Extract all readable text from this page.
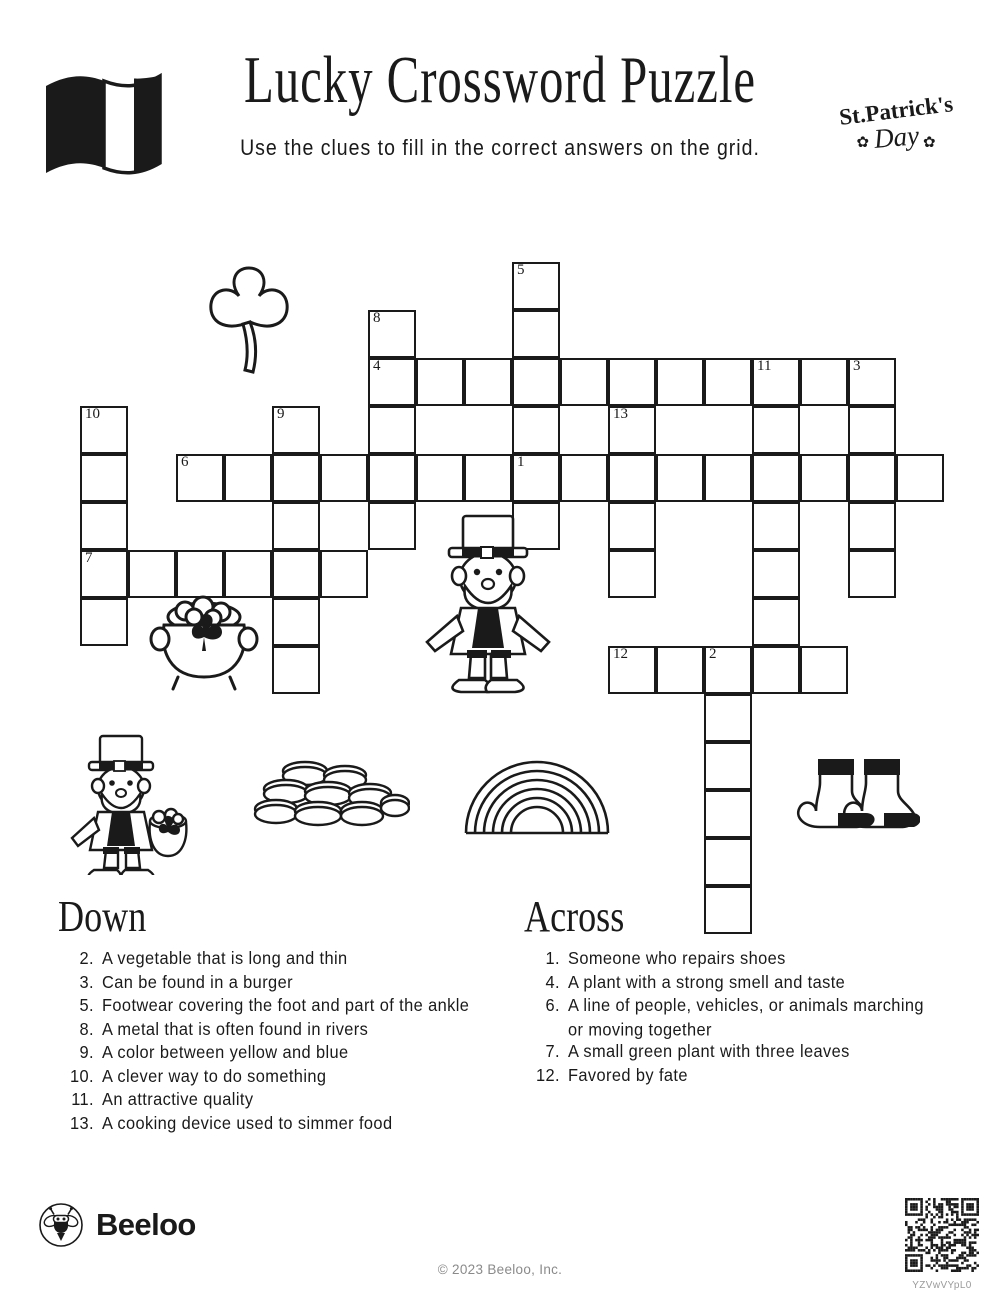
Lucky Crossword Puzzle
Use the clues to fill in the correct answers on the grid.
St.Patrick's
✿ Day ✿
5
1
8
4	11	3
10
7
9	13
6
12	2
Down
2. A vegetable that is long and thin
3. Can be found in a burger
5. Footwear covering the foot and part of the ankle
8. A metal that is often found in rivers
9. A color between yellow and blue
10. A clever way to do something
11. An attractive quality
13. A cooking device used to simmer food
Across
1. Someone who repairs shoes
4. A plant with a strong smell and taste
6. A line of people, vehicles, or animals marching or moving together
7. A small green plant with three leaves
12. Favored by fate
Beeloo
© 2023 Beeloo, Inc.
YZVwVYpL0
